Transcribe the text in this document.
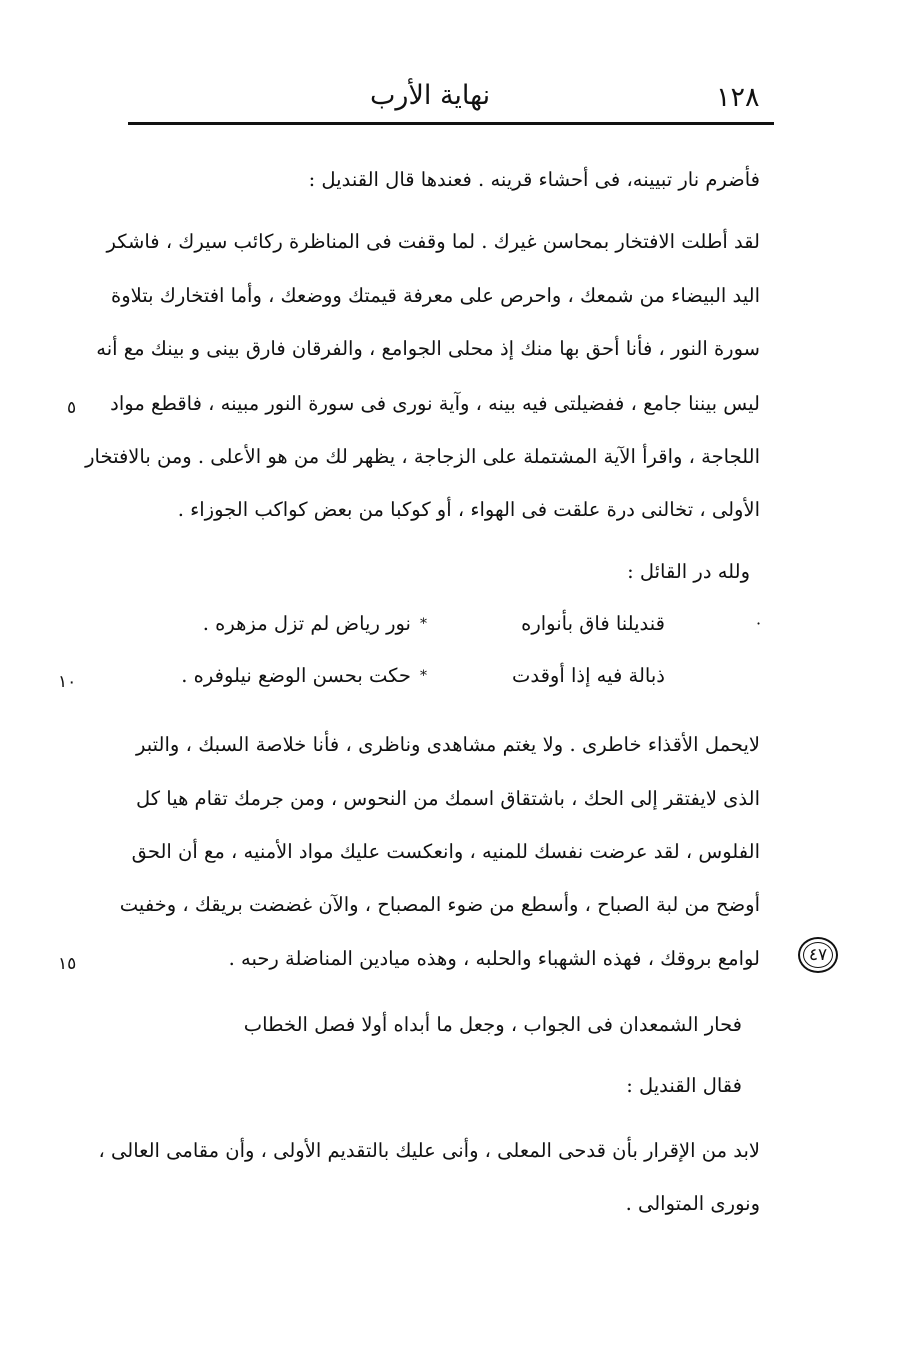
١٢٨
نهاية الأرب
فأضرم نار تبيينه، فى أحشاء قرينه . فعندها قال القنديل :
لقد أطلت الافتخار بمحاسن غيرك . لما وقفت فى المناظرة ركائب سيرك ، فاشكر
اليد البيضاء من شمعك ، واحرص على معرفة قيمتك ووضعك ، وأما افتخارك بتلاوة
سورة النور ، فأنا أحق بها منك إذ محلى الجوامع ، والفرقان فارق بينى و بينك مع أنه
ليس بيننا جامع ، ففضيلتى فيه بينه ، وآية نورى فى سورة النور مبينه ، فاقطع مواد
اللجاجة ، واقرأ الآية المشتملة على الزجاجة ، يظهر لك من هو الأعلى . ومن بالافتخار
الأولى ، تخالنى درة علقت فى الهواء ، أو كوكبا من بعض كواكب الجوزاء .
ولله در القائل :
قنديلنا فاق بأنواره
*
نور رياض لم تزل مزهره .
ذبالة فيه إذا أوقدت
*
حكت بحسن الوضع نيلوفره .
لايحمل الأقذاء خاطرى . ولا يغتم مشاهدى وناظرى ، فأنا خلاصة السبك ، والتبر
الذى لايفتقر إلى الحك ، باشتقاق اسمك من النحوس ، ومن جرمك تقام هيا كل
الفلوس ، لقد عرضت نفسك للمنيه ، وانعكست عليك مواد الأمنيه ، مع أن الحق
أوضح من لبة الصباح ، وأسطع من ضوء المصباح ، والآن غضضت بريقك ، وخفيت
لوامع بروقك ، فهذه الشهباء والحلبه ، وهذه ميادين المناضلة رحبه .
فحار الشمعدان فى الجواب ، وجعل ما أبداه أولا فصل الخطاب
فقال القنديل :
لابد من الإقرار بأن قدحى المعلى ، وأنى عليك بالتقديم الأولى ، وأن مقامى العالى ،
ونورى المتوالى .
٥
١٠
١٥
·
٤٧
